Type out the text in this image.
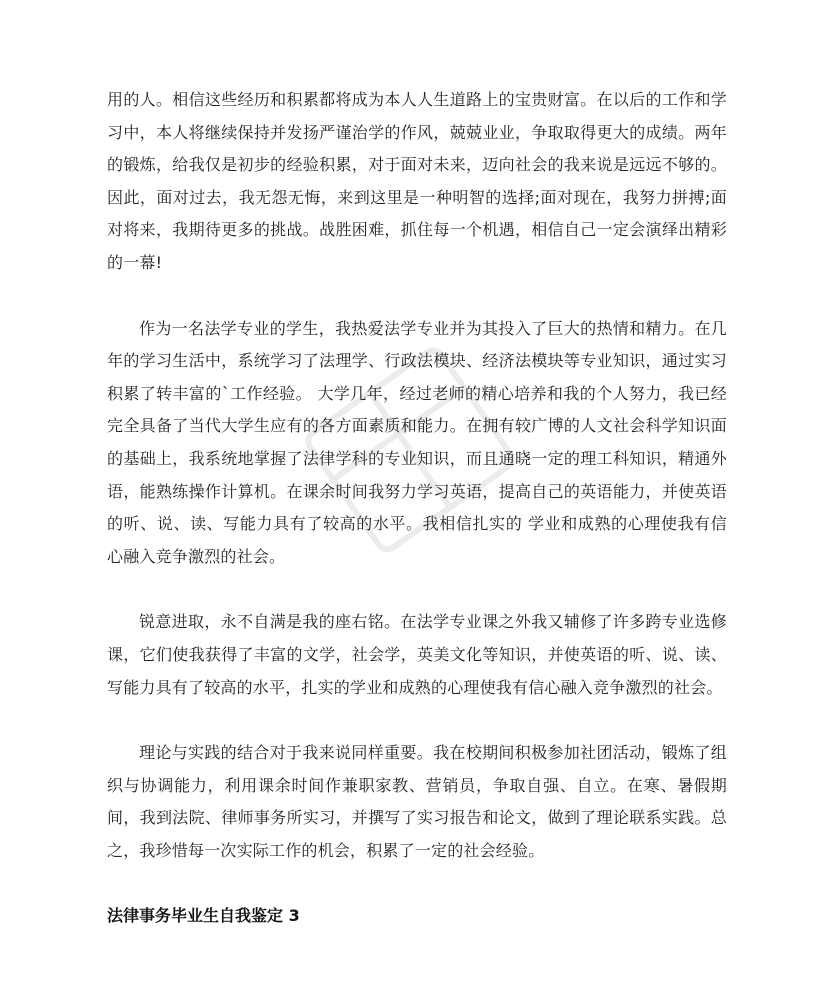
用的人。相信这些经历和积累都将成为本人人生道路上的宝贵财富。在以后的工作和学习中，本人将继续保持并发扬严谨治学的作风，兢兢业业，争取取得更大的成绩。两年的锻炼，给我仅是初步的经验积累，对于面对未来，迈向社会的我来说是远远不够的。因此，面对过去，我无怨无悔，来到这里是一种明智的选择;面对现在，我努力拼搏;面对将来，我期待更多的挑战。战胜困难，抓住每一个机遇，相信自己一定会演绎出精彩的一幕!

作为一名法学专业的学生，我热爱法学专业并为其投入了巨大的热情和精力。在几年的学习生活中，系统学习了法理学、行政法模块、经济法模块等专业知识，通过实习积累了转丰富的`工作经验。 大学几年，经过老师的精心培养和我的个人努力，我已经完全具备了当代大学生应有的各方面素质和能力。在拥有较广博的人文社会科学知识面的基础上，我系统地掌握了法律学科的专业知识，而且通晓一定的理工科知识，精通外语，能熟练操作计算机。在课余时间我努力学习英语，提高自己的英语能力，并使英语的听、说、读、写能力具有了较高的水平。我相信扎实的 学业和成熟的心理使我有信心融入竞争激烈的社会。

锐意进取，永不自满是我的座右铭。在法学专业课之外我又辅修了许多跨专业选修课，它们使我获得了丰富的文学，社会学，英美文化等知识，并使英语的听、说、读、写能力具有了较高的水平，扎实的学业和成熟的心理使我有信心融入竞争激烈的社会。

理论与实践的结合对于我来说同样重要。我在校期间积极参加社团活动，锻炼了组织与协调能力，利用课余时间作兼职家教、营销员，争取自强、自立。在寒、暑假期间，我到法院、律师事务所实习，并撰写了实习报告和论文，做到了理论联系实践。总之，我珍惜每一次实际工作的机会，积累了一定的社会经验。

法律事务毕业生自我鉴定 3
